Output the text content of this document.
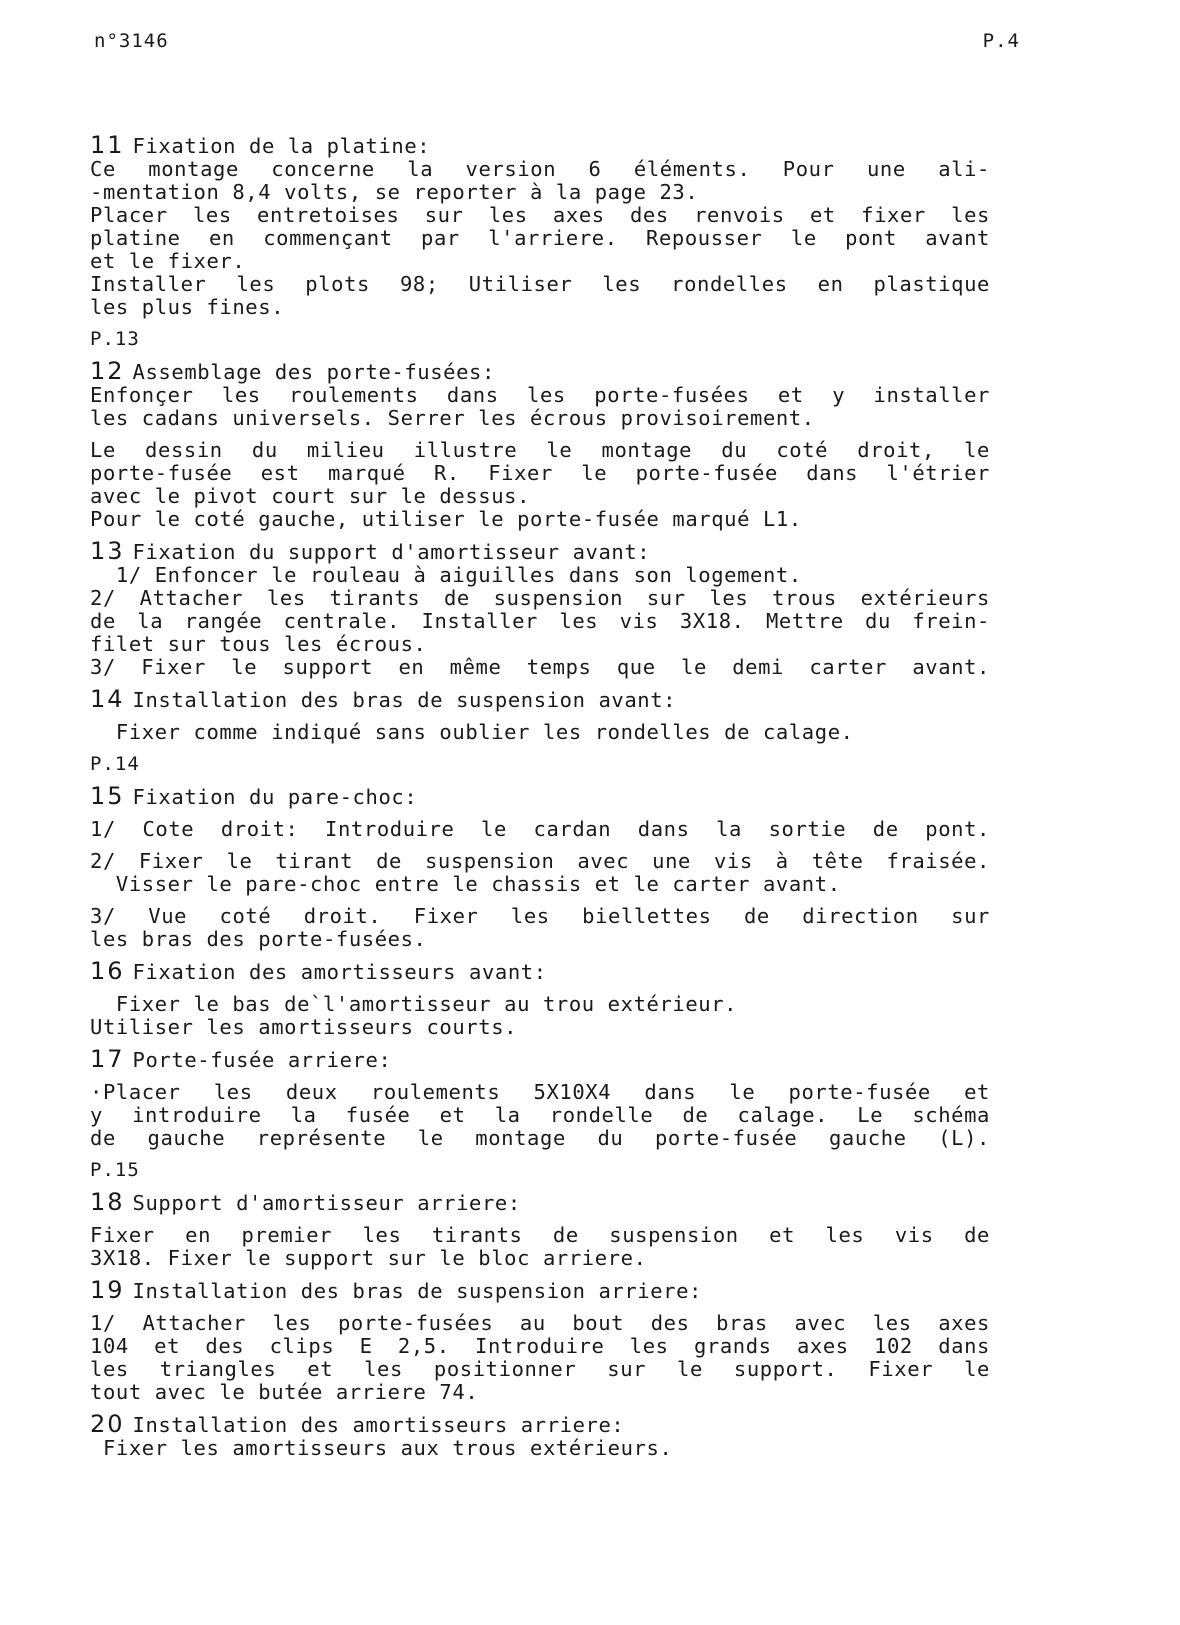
n°3146	P.4
11 Fixation de la platine:
Ce montage concerne la version 6 éléments. Pour une ali-
-mentation 8,4 volts, se reporter à la page 23.
Placer les entretoises sur les axes des renvois et fixer les
platine en commençant par l'arriere. Repousser le pont avant
et le fixer.
Installer les plots 98; Utiliser les rondelles en plastique
les plus fines.
P.13
12 Assemblage des porte-fusées:
Enfonçer les roulements dans les porte-fusées et y installer
les cadans universels. Serrer les écrous provisoirement.
Le dessin du milieu illustre le montage du coté droit, le
porte-fusée est marqué R. Fixer le porte-fusée dans l'étrier
avec le pivot court sur le dessus.
Pour le coté gauche, utiliser le porte-fusée marqué L1.
13 Fixation du support d'amortisseur avant:
1/ Enfoncer le rouleau à aiguilles dans son logement.
2/ Attacher les tirants de suspension sur les trous extérieurs
de la rangée centrale. Installer les vis 3X18. Mettre du frein-
filet sur tous les écrous.
3/ Fixer le support en même temps que le demi carter avant.
14 Installation des bras de suspension avant:
Fixer comme indiqué sans oublier les rondelles de calage.
P.14
15 Fixation du pare-choc:
1/ Cote droit: Introduire le cardan dans la sortie de pont.
2/ Fixer le tirant de suspension avec une vis à tête fraisée.
Visser le pare-choc entre le chassis et le carter avant.
3/ Vue coté droit. Fixer les biellettes de direction sur
les bras des porte-fusées.
16 Fixation des amortisseurs avant:
Fixer le bas de`l'amortisseur au trou extérieur.
Utiliser les amortisseurs courts.
17 Porte-fusée arriere:
·Placer les deux roulements 5X10X4 dans le porte-fusée et
y introduire la fusée et la rondelle de calage. Le schéma
de gauche représente le montage du porte-fusée gauche (L).
P.15
18 Support d'amortisseur arriere:
Fixer en premier les tirants de suspension et les vis de
3X18. Fixer le support sur le bloc arriere.
19 Installation des bras de suspension arriere:
1/ Attacher les porte-fusées au bout des bras avec les axes
104 et des clips E 2,5. Introduire les grands axes 102 dans
les triangles et les positionner sur le support. Fixer le
tout avec le butée arriere 74.
20 Installation des amortisseurs arriere:
Fixer les amortisseurs aux trous extérieurs.
